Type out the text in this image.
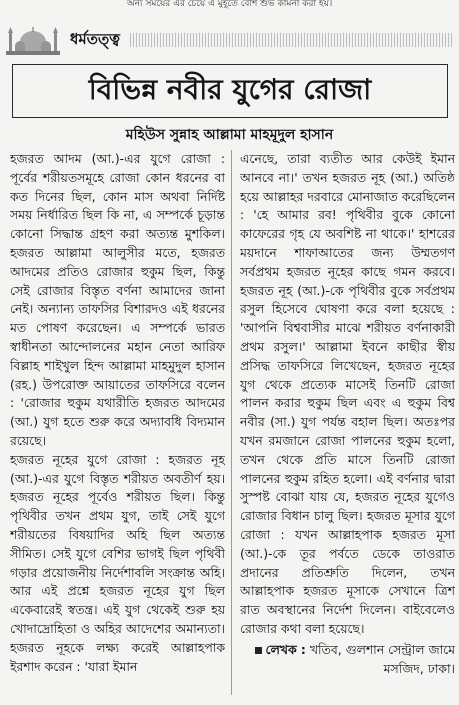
অন্য সময়ের এর চেয়ে এ মুহূর্তে বেশি শুভ কামনা করা হয়।
ধর্মতত্ত্ব
বিভিন্ন নবীর যুগের রোজা
মহিউস সুন্নাহ আল্লামা মাহমূদুল হাসান

হজরত আদম (আ.)-এর যুগে রোজা : পূর্বের শরীয়তসমূহে রোজা কোন ধরনের বা কত দিনের ছিল, কোন মাস অথবা নির্দিষ্ট সময় নির্ধারিত ছিল কি না, এ সম্পর্কে চূড়ান্ত কোনো সিদ্ধান্ত গ্রহণ করা অত্যন্ত মুশকিল। হজরত আল্লামা আলুসীর মতে, হজরত আদমের প্রতিও রোজার হুকুম ছিল, কিন্তু সেই রোজার বিস্তৃত বর্ণনা আমাদের জানা নেই। অন্যান্য তাফসির বিশারদও এই ধরনের মত পোষণ করেছেন। এ সম্পর্কে ভারত স্বাধীনতা আন্দোলনের মহান নেতা আরিফ বিল্লাহ শাইখুল হিন্দ আল্লামা মাহমুদুল হাসান (রহ.) উপরোক্ত আয়াতের তাফসিরে বলেন : 'রোজার হুকুম যথারীতি হজরত আদমের (আ.) যুগ হতে শুরু করে অদ্যাবধি বিদ্যমান রয়েছে।

হজরত নূহের যুগে রোজা : হজরত নূহ (আ.)-এর যুগে বিস্তৃত শরীয়ত অবতীর্ণ হয়। হজরত নূহের পূর্বেও শরীয়ত ছিল। কিন্তু পৃথিবীর তখন প্রথম যুগ, তাই সেই যুগে শরীয়তের বিষয়াদির অহি ছিল অত্যন্ত সীমিত। সেই যুগে বেশির ভাগই ছিল পৃথিবী গড়ার প্রয়োজনীয় নির্দেশাবলি সংক্রান্ত অহি। আর এই প্রশ্নে হজরত নূহের যুগ ছিল একেবারেই স্বতন্ত্র। এই যুগ থেকেই শুরু হয় খোদাদ্রোহিতা ও অহির আদেশের অমান্যতা। হজরত নূহকে লক্ষ্য করেই আল্লাহপাক ইরশাদ করেন : 'যারা ইমান

এনেছে, তারা ব্যতীত আর কেউই ইমান আনবে না।' তখন হজরত নূহ (আ.) অতিষ্ঠ হয়ে আল্লাহর দরবারে মোনাজাত করেছিলেন : 'হে আমার রব! পৃথিবীর বুকে কোনো কাফেরের গৃহ যে অবশিষ্ট না থাকে।' হাশরের ময়দানে শাফাআতের জন্য উম্মতগণ সর্বপ্রথম হজরত নূহের কাছে গমন করবে। হজরত নূহ (আ.)-কে পৃথিবীর বুকে সর্বপ্রথম রসুল হিসেবে ঘোষণা করে বলা হয়েছে : 'আপনি বিশ্ববাসীর মাঝে শরীয়ত বর্ণনাকারী প্রথম রসুল।' আল্লামা ইবনে কাছীর স্বীয় প্রসিদ্ধ তাফসিরে লিখেছেন, হজরত নূহের যুগ থেকে প্রত্যেক মাসেই তিনটি রোজা পালন করার হুকুম ছিল এবং এ হুকুম বিশ্ব নবীর (সা.) যুগ পর্যন্ত বহাল ছিল। অতঃপর যখন রমজানে রোজা পালনের হুকুম হলো, তখন থেকে প্রতি মাসে তিনটি রোজা পালনের হুকুম রহিত হলো। এই বর্ণনার দ্বারা সুস্পষ্ট বোঝা যায় যে, হজরত নূহের যুগেও রোজার বিধান চালু ছিল। হজরত মূসার যুগে রোজা : যখন আল্লাহপাক হজরত মূসা (আ.)-কে তূর পর্বতে ডেকে তাওরাত প্রদানের প্রতিশ্রুতি দিলেন, তখন আল্লাহপাক হজরত মূসাকে সেখানে ত্রিশ রাত অবস্থানের নির্দেশ দিলেন। বাইবেলেও রোজার কথা বলা হয়েছে।

লেখক : খতিব, গুলশান সেন্ট্রাল জামে মসজিদ, ঢাকা।
